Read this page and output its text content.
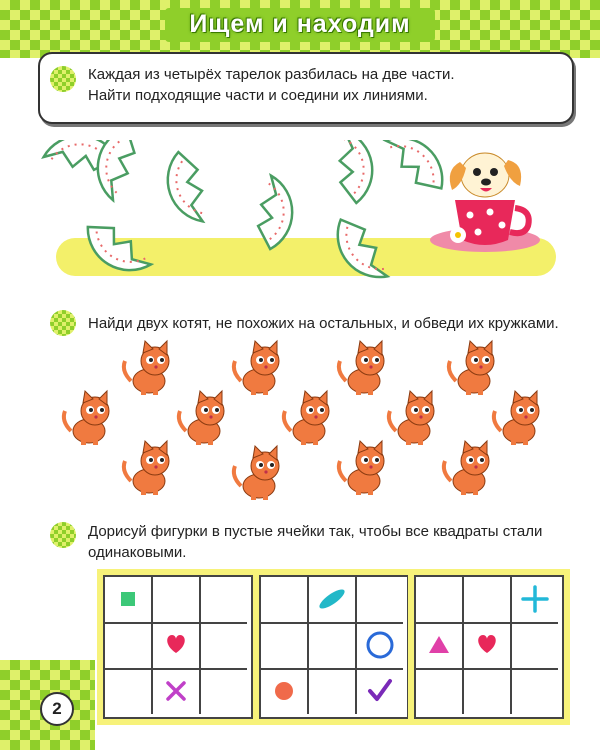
Ищем и находим
Каждая из четырёх тарелок разбилась на две части.
Найти подходящие части и соедини их линиями.
Найди двух котят, не похожих на остальных, и обведи их кружками.
Дорисуй фигурки в пустые ячейки так, чтобы все квадраты стали
одинаковыми.
2
